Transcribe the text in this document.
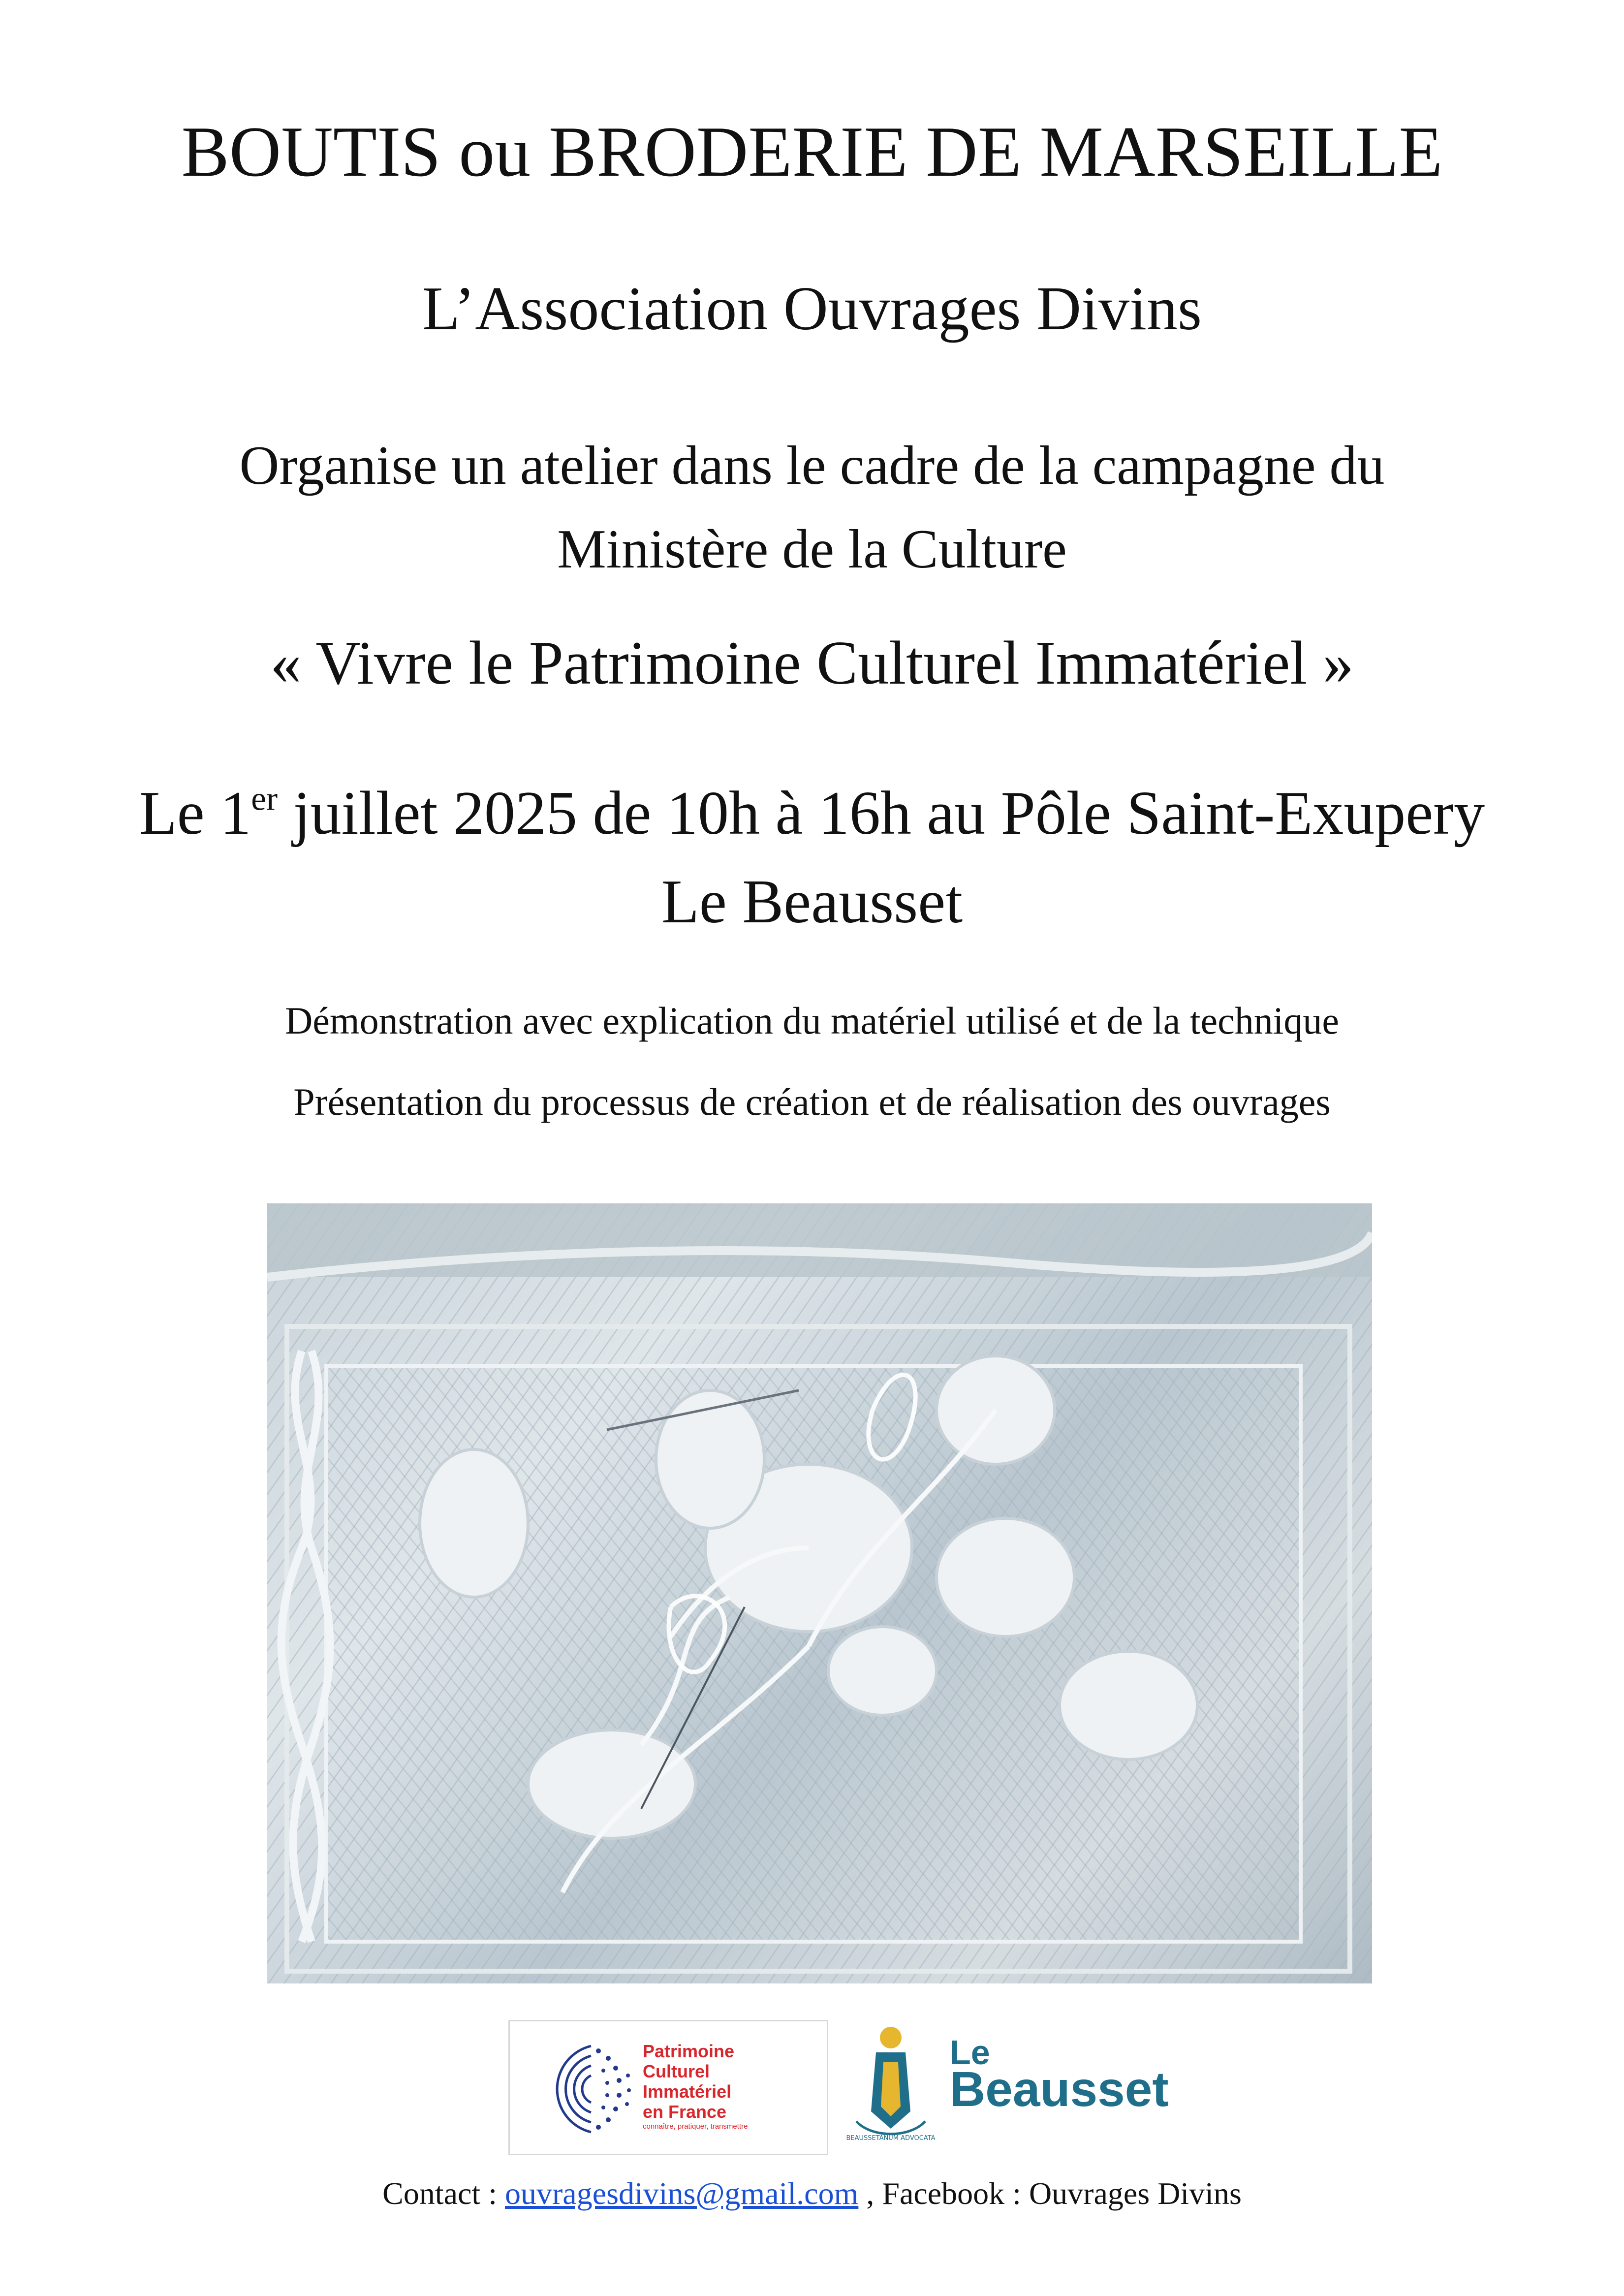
BOUTIS ou BRODERIE DE MARSEILLE
L’Association Ouvrages Divins
Organise un atelier dans le cadre de la campagne du
Ministère de la Culture
« Vivre le Patrimoine Culturel Immatériel »
Le 1er juillet 2025 de 10h à 16h au Pôle Saint-Exupery
Le Beausset
Démonstration avec explication du matériel utilisé et de la technique
Présentation du processus de création et de réalisation des ouvrages
Patrimoine
Culturel
Immatériel
en France
connaître, pratiquer, transmettre
BEAUSSETANUM ADVOCATA
Le
Beausset
Contact : ouvragesdivins@gmail.com , Facebook : Ouvrages Divins
